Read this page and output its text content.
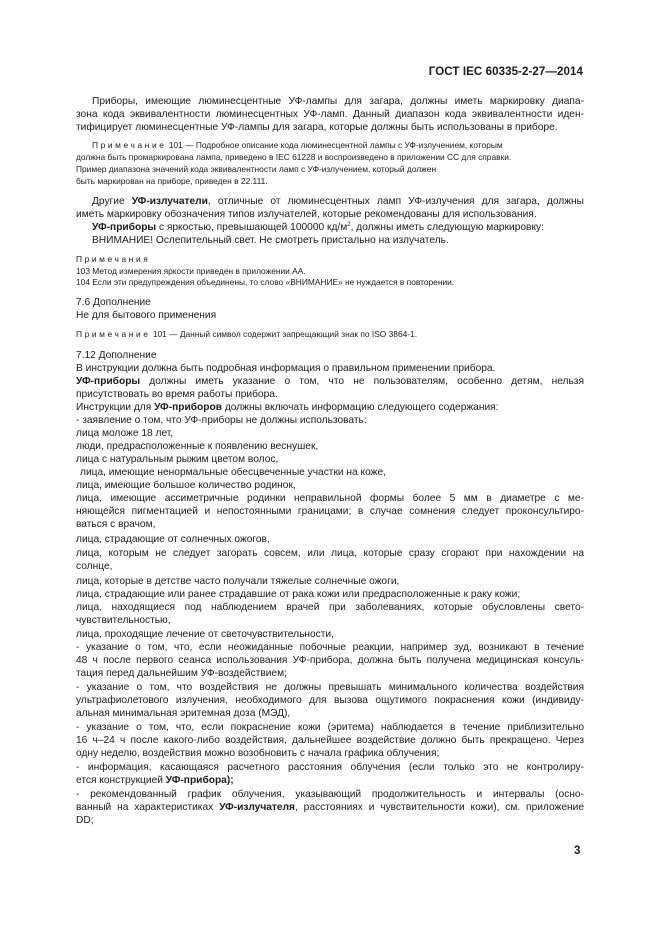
ГОСТ IEC 60335-2-27—2014
Приборы, имеющие люминесцентные УФ-лампы для загара, должны иметь маркировку диапа-
зона кода эквивалентности люминесцентных УФ-ламп. Данный диапазон кода эквивалентности иден-
тифицирует люминесцентные УФ-лампы для загара, которые должны быть использованы в приборе.
Примечание 101 — Подробное описание кода люминесцентной лампы с УФ-излучением, которым
должна быть промаркирована лампа, приведено в IEC 61228 и воспроизведено в приложении СС для справки.
Пример диапазона значений кода эквивалентности ламп с УФ-излучением, который должен
быть маркирован на приборе, приведен в 22.111.
Другие УФ-излучатели, отличные от люминесцентных ламп УФ-излучения для загара, должны
иметь маркировку обозначения типов излучателей, которые рекомендованы для использования.
УФ-приборы с яркостью, превышающей 100000 $кд/м^2$, должны иметь следующую маркировку:
ВНИМАНИЕ! Ослепительный свет. Не смотреть пристально на излучатель.
Примечания
103 Метод измерения яркости приведен в приложении АА.
104 Если эти предупреждения объединены, то слово «ВНИМАНИЕ» не нуждается в повторении.
7.6 Дополнение
Не для бытового применения
Примечание 101 — Данный символ содержит запрещающий знак по ISO 3864-1.
7.12 Дополнение
В инструкции должна быть подробная информация о правильном применении прибора.
УФ-приборы должны иметь указание о том, что не пользователям, особенно детям, нельзя
присутствовать во время работы прибора.
Инструкции для УФ-приборов должны включать информацию следующего содержания:
- заявление о том, что УФ-приборы не должны использовать:
лица моложе 18 лет,
люди, предрасположенные к появлению веснушек,
лица с натуральным рыжим цветом волос,
лица, имеющие ненормальные обесцвеченные участки на коже,
лица, имеющие большое количество родинок,
лица, имеющие ассиметричные родинки неправильной формы более 5 мм в диаметре с ме-
няющейся пигментацией и непостоянными границами; в случае сомнения следует проконсультиро-
ваться с врачом,
лица, страдающие от солнечных ожогов,
лица, которым не следует загорать совсем, или лица, которые сразу сгорают при нахождении на
солнце,
лица, которые в детстве часто получали тяжелые солнечные ожоги,
лица, страдающие или ранее страдавшие от рака кожи или предрасположенные к раку кожи;
лица, находящиеся под наблюдением врачей при заболеваниях, которые обусловлены свето-
чувствительностью,
лица, проходящие лечение от светочувствительности,
- указание о том, что, если неожиданные побочные реакции, например зуд, возникают в течение
48 ч после первого сеанса использования УФ-прибора, должна быть получена медицинская консуль-
тация перед дальнейшим УФ-воздействием;
- указание о том, что воздействия не должны превышать минимального количества воздействия
ультрафиолетового излучения, необходимого для вызова ощутимого покраснения кожи (индивиду-
альная минимальная эритемная доза (МЭД),
- указание о том, что, если покраснение кожи (эритема) наблюдается в течение приблизительно
16 ч–24 ч после какого-либо воздействия, дальнейшее воздействие должно быть прекращено. Через
одну неделю, воздействия можно возобновить с начала графика облучения;
- информация, касающаяся расчетного расстояния облучения (если только это не контролиру-
ется конструкцией УФ-прибора);
- рекомендованный график облучения, указывающий продолжительность и интервалы (осно-
ванный на характеристиках УФ-излучателя, расстояниях и чувствительности кожи), см. приложение
DD;
3
